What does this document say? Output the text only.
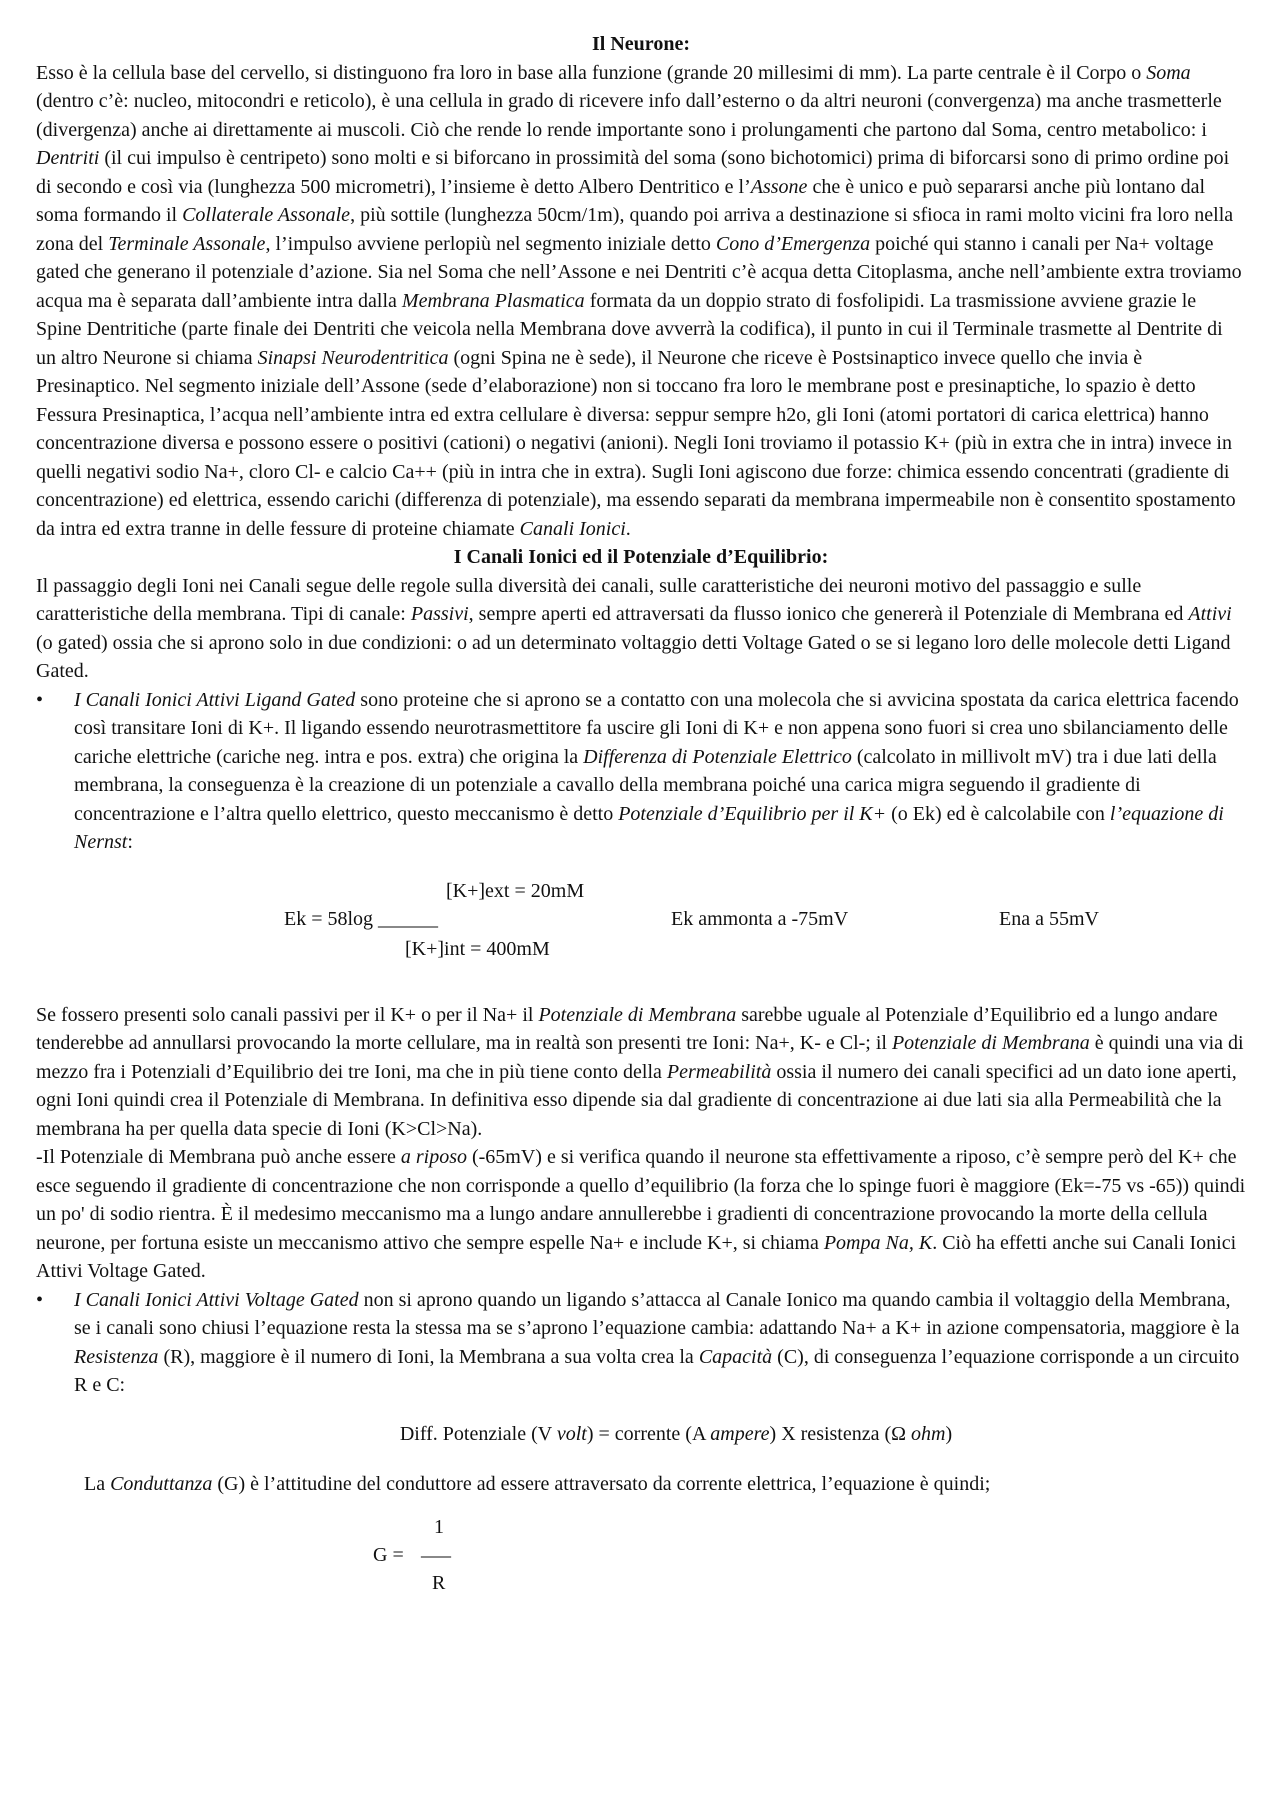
Il Neurone:

Esso è la cellula base del cervello, si distinguono fra loro in base alla funzione (grande 20 millesimi di mm). La parte centrale è il Corpo o Soma (dentro c’è: nucleo, mitocondri e reticolo), è una cellula in grado di ricevere info dall’esterno o da altri neuroni (convergenza) ma anche trasmetterle (divergenza) anche ai direttamente ai muscoli. Ciò che rende lo rende importante sono i prolungamenti che partono dal Soma, centro metabolico: i Dentriti (il cui impulso è centripeto) sono molti e si biforcano in prossimità del soma (sono bichotomici) prima di biforcarsi sono di primo ordine poi di secondo e così via (lunghezza 500 micrometri), l’insieme è detto Albero Dentritico e l’Assone che è unico e può separarsi anche più lontano dal soma formando il Collaterale Assonale, più sottile (lunghezza 50cm/1m), quando poi arriva a destinazione si sfioca in rami molto vicini fra loro nella zona del Terminale Assonale, l’impulso avviene perlopiù nel segmento iniziale detto Cono d’Emergenza poiché qui stanno i canali per Na+ voltage gated che generano il potenziale d’azione. Sia nel Soma che nell’Assone e nei Dentriti c’è acqua detta Citoplasma, anche nell’ambiente extra troviamo acqua ma è separata dall’ambiente intra dalla Membrana Plasmatica formata da un doppio strato di fosfolipidi. La trasmissione avviene grazie le Spine Dentritiche (parte finale dei Dentriti che veicola nella Membrana dove avverrà la codifica), il punto in cui il Terminale trasmette al Dentrite di un altro Neurone si chiama Sinapsi Neurodentritica (ogni Spina ne è sede), il Neurone che riceve è Postsinaptico invece quello che invia è Presinaptico. Nel segmento iniziale dell’Assone (sede d’elaborazione) non si toccano fra loro le membrane post e presinaptiche, lo spazio è detto Fessura Presinaptica, l’acqua nell’ambiente intra ed extra cellulare è diversa: seppur sempre h2o, gli Ioni (atomi portatori di carica elettrica) hanno concentrazione diversa e possono essere o positivi (cationi) o negativi (anioni). Negli Ioni troviamo il potassio K+ (più in extra che in intra) invece in quelli negativi sodio Na+, cloro Cl- e calcio Ca++ (più in intra che in extra). Sugli Ioni agiscono due forze: chimica essendo concentrati (gradiente di concentrazione) ed elettrica, essendo carichi (differenza di potenziale), ma essendo separati da membrana impermeabile non è consentito spostamento da intra ed extra tranne in delle fessure di proteine chiamate Canali Ionici.

I Canali Ionici ed il Potenziale d’Equilibrio:

Il passaggio degli Ioni nei Canali segue delle regole sulla diversità dei canali, sulle caratteristiche dei neuroni motivo del passaggio e sulle caratteristiche della membrana. Tipi di canale: Passivi, sempre aperti ed attraversati da flusso ionico che genererà il Potenziale di Membrana ed Attivi (o gated) ossia che si aprono solo in due condizioni: o ad un determinato voltaggio detti Voltage Gated o se si legano loro delle molecole detti Ligand Gated.

• I Canali Ionici Attivi Ligand Gated sono proteine che si aprono se a contatto con una molecola che si avvicina spostata da carica elettrica facendo così transitare Ioni di K+. Il ligando essendo neurotrasmettitore fa uscire gli Ioni di K+ e non appena sono fuori si crea uno sbilanciamento delle cariche elettriche (cariche neg. intra e pos. extra) che origina la Differenza di Potenziale Elettrico (calcolato in millivolt mV) tra i due lati della membrana, la conseguenza è la creazione di un potenziale a cavallo della membrana poiché una carica migra seguendo il gradiente di concentrazione e l’altra quello elettrico, questo meccanismo è detto Potenziale d’Equilibrio per il K+ (o Ek) ed è calcolabile con l’equazione di Nernst:
[K+]ext = 20mM
Ek = 58log ______
[K+]int = 400mM
Ek ammonta a -75mV	Ena a 55mV

Se fossero presenti solo canali passivi per il K+ o per il Na+ il Potenziale di Membrana sarebbe uguale al Potenziale d’Equilibrio ed a lungo andare tenderebbe ad annullarsi provocando la morte cellulare, ma in realtà son presenti tre Ioni: Na+, K- e Cl-; il Potenziale di Membrana è quindi una via di mezzo fra i Potenziali d’Equilibrio dei tre Ioni, ma che in più tiene conto della Permeabilità ossia il numero dei canali specifici ad un dato ione aperti, ogni Ioni quindi crea il Potenziale di Membrana. In definitiva esso dipende sia dal gradiente di concentrazione ai due lati sia alla Permeabilità che la membrana ha per quella data specie di Ioni (K>Cl>Na).

-Il Potenziale di Membrana può anche essere a riposo (-65mV) e si verifica quando il neurone sta effettivamente a riposo, c’è sempre però del K+ che esce seguendo il gradiente di concentrazione che non corrisponde a quello d’equilibrio (la forza che lo spinge fuori è maggiore (Ek=-75 vs -65)) quindi un po' di sodio rientra. È il medesimo meccanismo ma a lungo andare annullerebbe i gradienti di concentrazione provocando la morte della cellula neurone, per fortuna esiste un meccanismo attivo che sempre espelle Na+ e include K+, si chiama Pompa Na, K. Ciò ha effetti anche sui Canali Ionici Attivi Voltage Gated.

• I Canali Ionici Attivi Voltage Gated non si aprono quando un ligando s’attacca al Canale Ionico ma quando cambia il voltaggio della Membrana, se i canali sono chiusi l’equazione resta la stessa ma se s’aprono l’equazione cambia: adattando Na+ a K+ in azione compensatoria, maggiore è la Resistenza (R), maggiore è il numero di Ioni, la Membrana a sua volta crea la Capacità (C), di conseguenza l’equazione corrisponde a un circuito R e C:

Diff. Potenziale (V volt) = corrente (A ampere) X resistenza (Ω ohm)

La Conduttanza (G) è l’attitudine del conduttore ad essere attraversato da corrente elettrica, l’equazione è quindi;

1
G = ___
R
